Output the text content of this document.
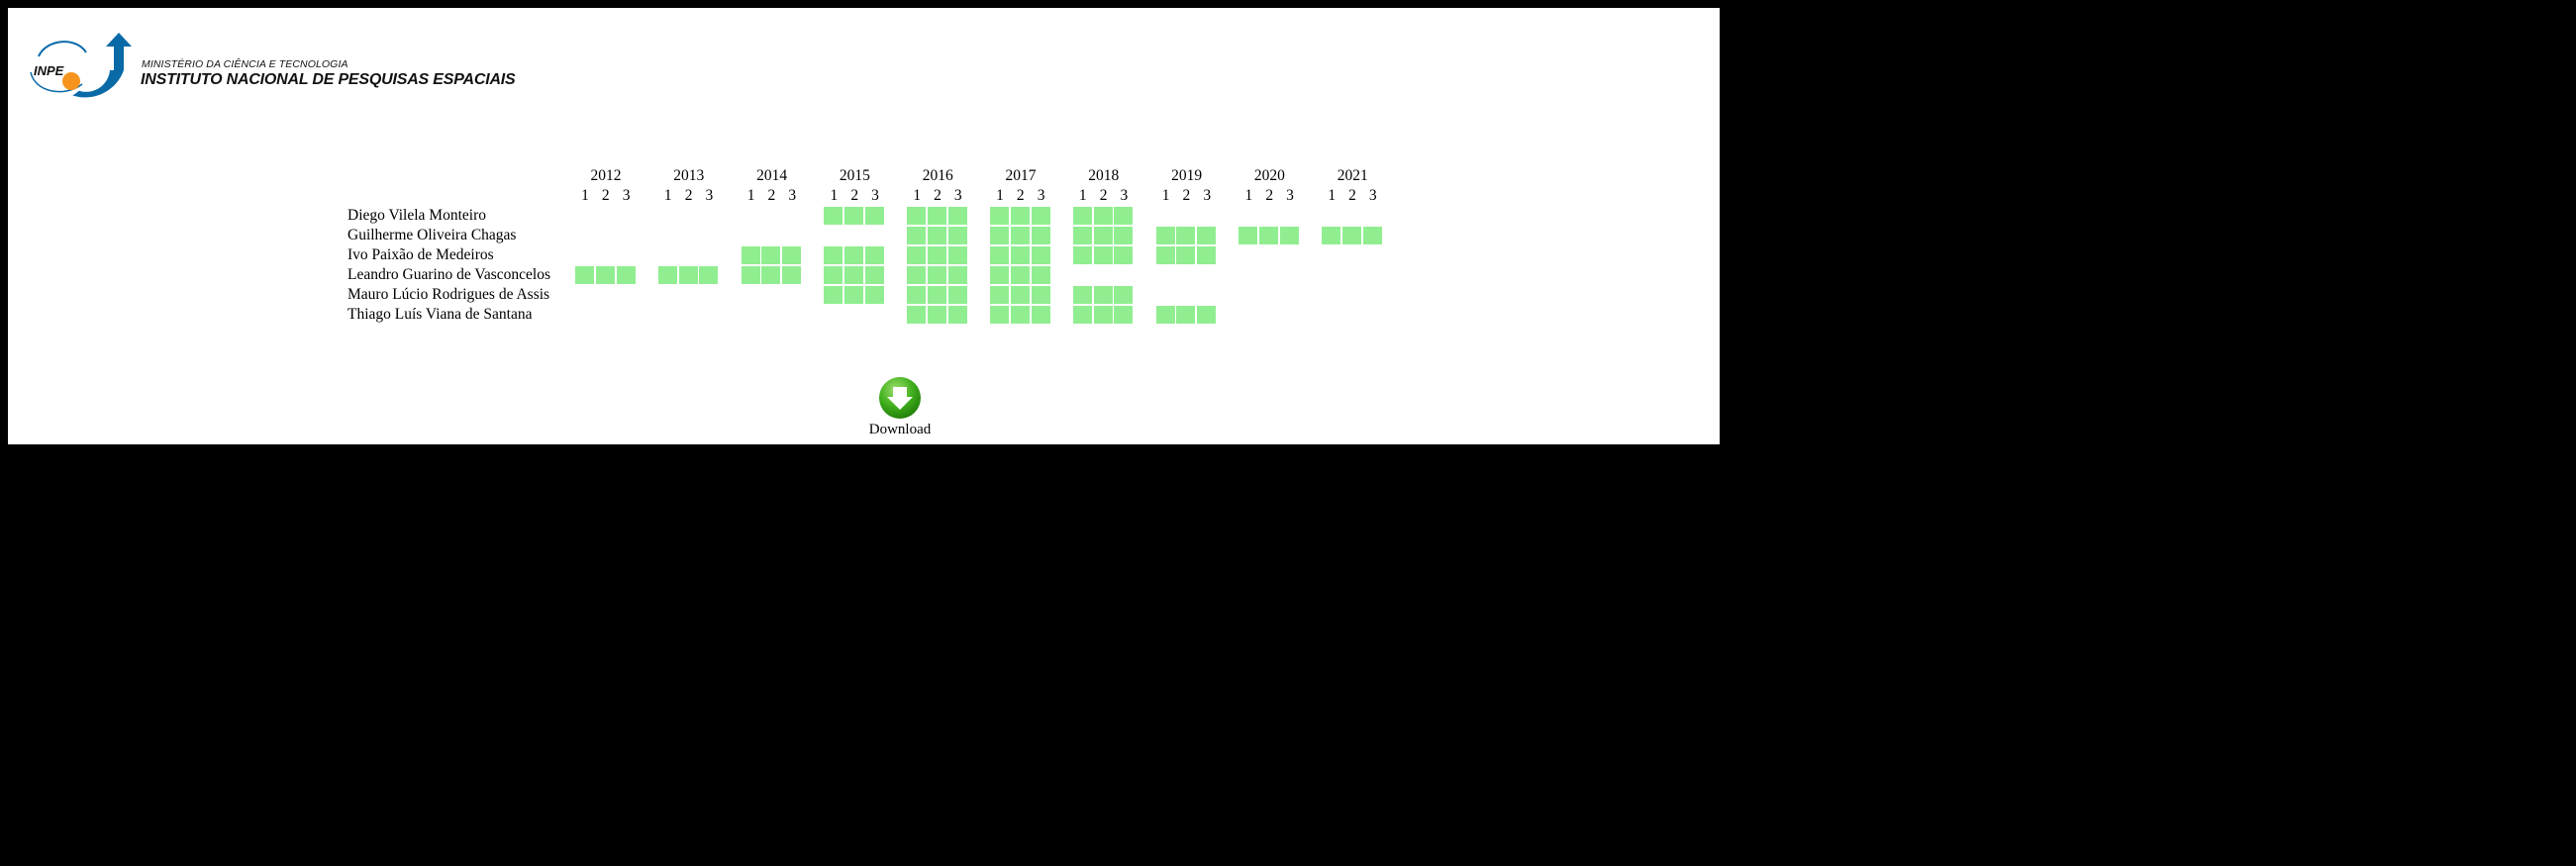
INPE	MINISTÉRIO DA CIÊNCIA E TECNOLOGIA
INSTITUTO NACIONAL DE PESQUISAS ESPACIAIS
2012
1 2 3
2013
1 2 3
2014
1 2 3
2015
1 2 3
2016
1 2 3
2017
1 2 3
2018
1 2 3
2019
1 2 3
2020
1 2 3
2021
1 2 3
Diego Vilela Monteiro
Guilherme Oliveira Chagas
Ivo Paixão de Medeiros
Leandro Guarino de Vasconcelos
Mauro Lúcio Rodrigues de Assis
Thiago Luís Viana de Santana
Download
